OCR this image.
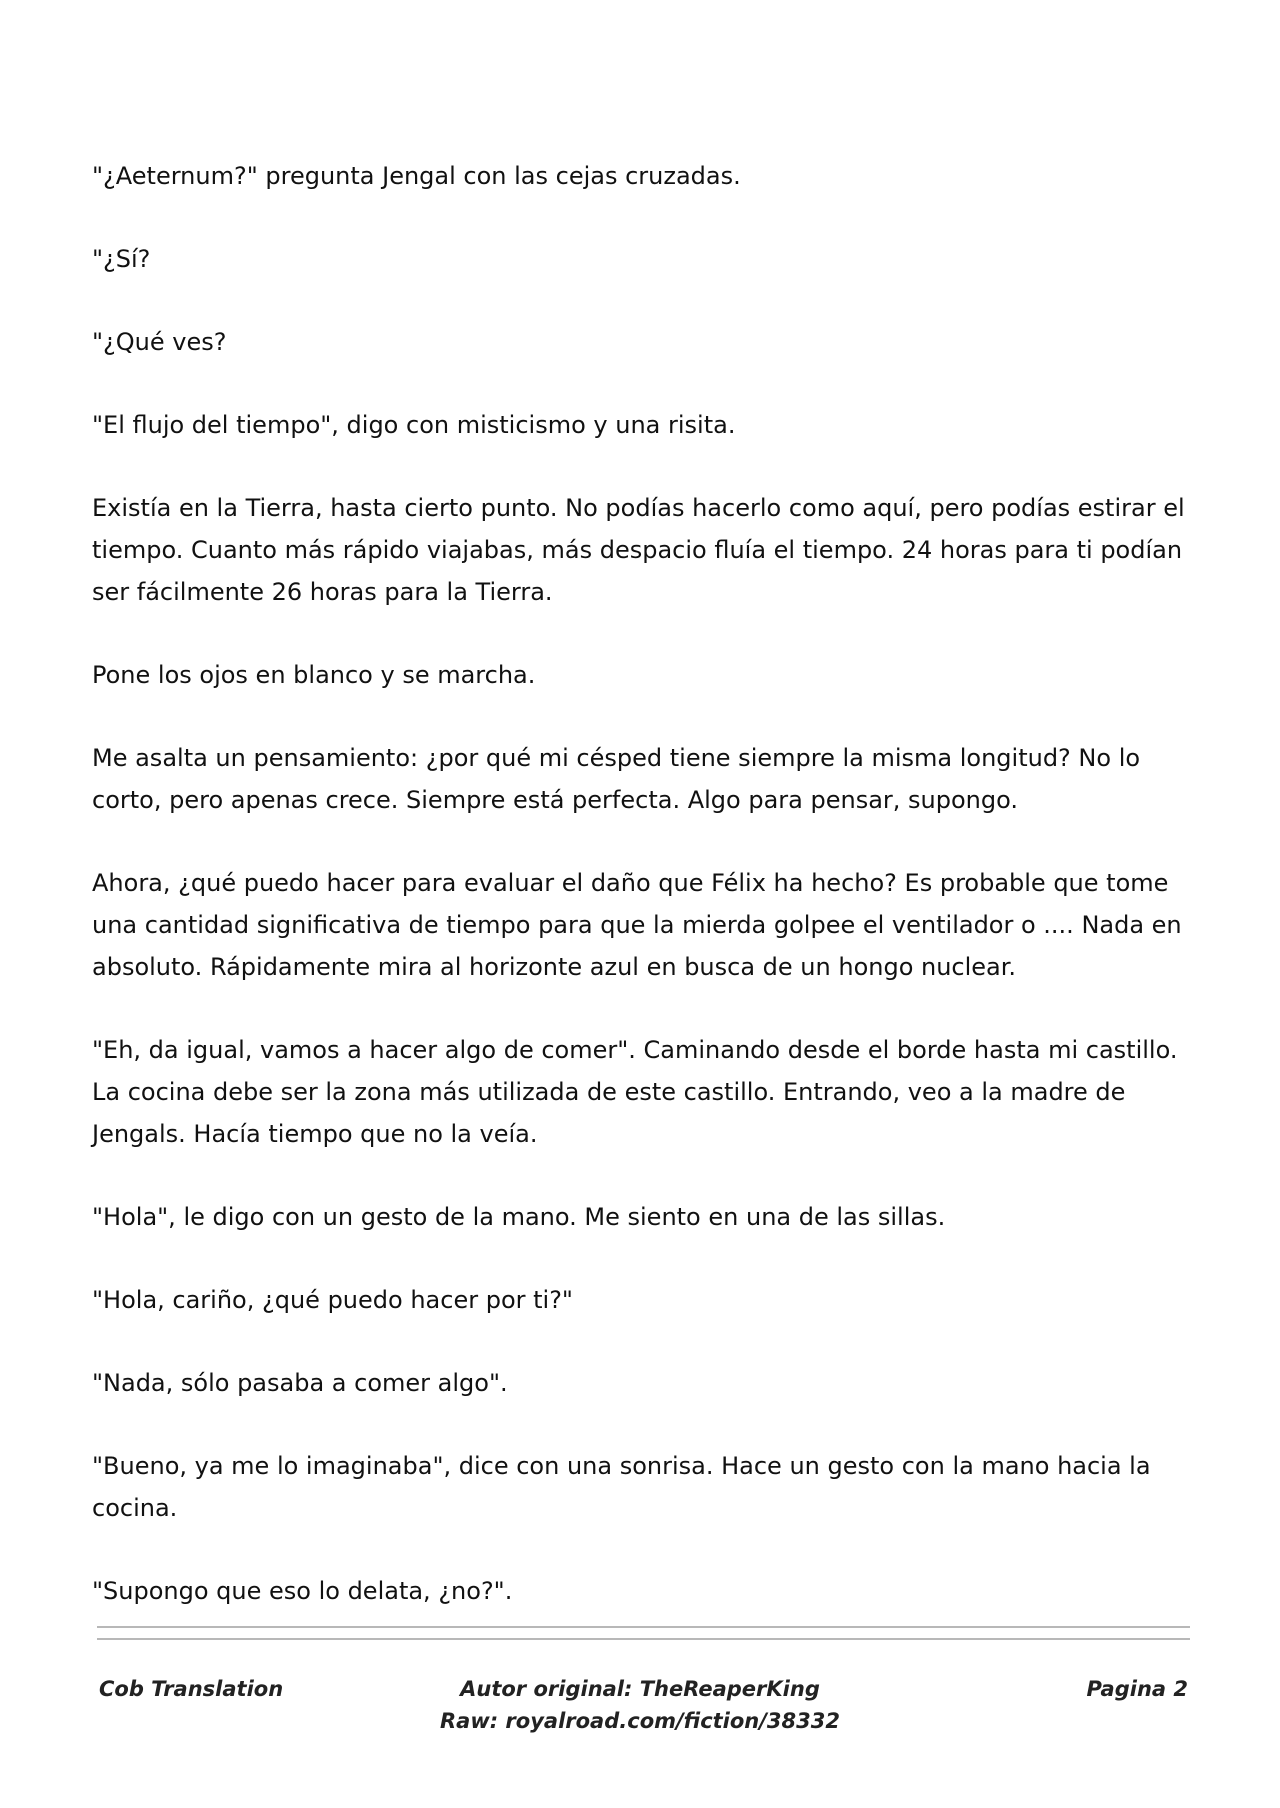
"¿Aeternum?" pregunta Jengal con las cejas cruzadas.

"¿Sí?

"¿Qué ves?

"El flujo del tiempo", digo con misticismo y una risita.

Existía en la Tierra, hasta cierto punto. No podías hacerlo como aquí, pero podías estirar el tiempo. Cuanto más rápido viajabas, más despacio fluía el tiempo. 24 horas para ti podían ser fácilmente 26 horas para la Tierra.

Pone los ojos en blanco y se marcha.

Me asalta un pensamiento: ¿por qué mi césped tiene siempre la misma longitud? No lo corto, pero apenas crece. Siempre está perfecta. Algo para pensar, supongo.

Ahora, ¿qué puedo hacer para evaluar el daño que Félix ha hecho? Es probable que tome una cantidad significativa de tiempo para que la mierda golpee el ventilador o .... Nada en absoluto. Rápidamente mira al horizonte azul en busca de un hongo nuclear.

"Eh, da igual, vamos a hacer algo de comer". Caminando desde el borde hasta mi castillo. La cocina debe ser la zona más utilizada de este castillo. Entrando, veo a la madre de Jengals. Hacía tiempo que no la veía.

"Hola", le digo con un gesto de la mano. Me siento en una de las sillas.

"Hola, cariño, ¿qué puedo hacer por ti?"

"Nada, sólo pasaba a comer algo".

"Bueno, ya me lo imaginaba", dice con una sonrisa. Hace un gesto con la mano hacia la cocina.

"Supongo que eso lo delata, ¿no?".

Cob Translation	Autor original: TheReaperKing
Raw: royalroad.com/fiction/38332
Pagina 2
